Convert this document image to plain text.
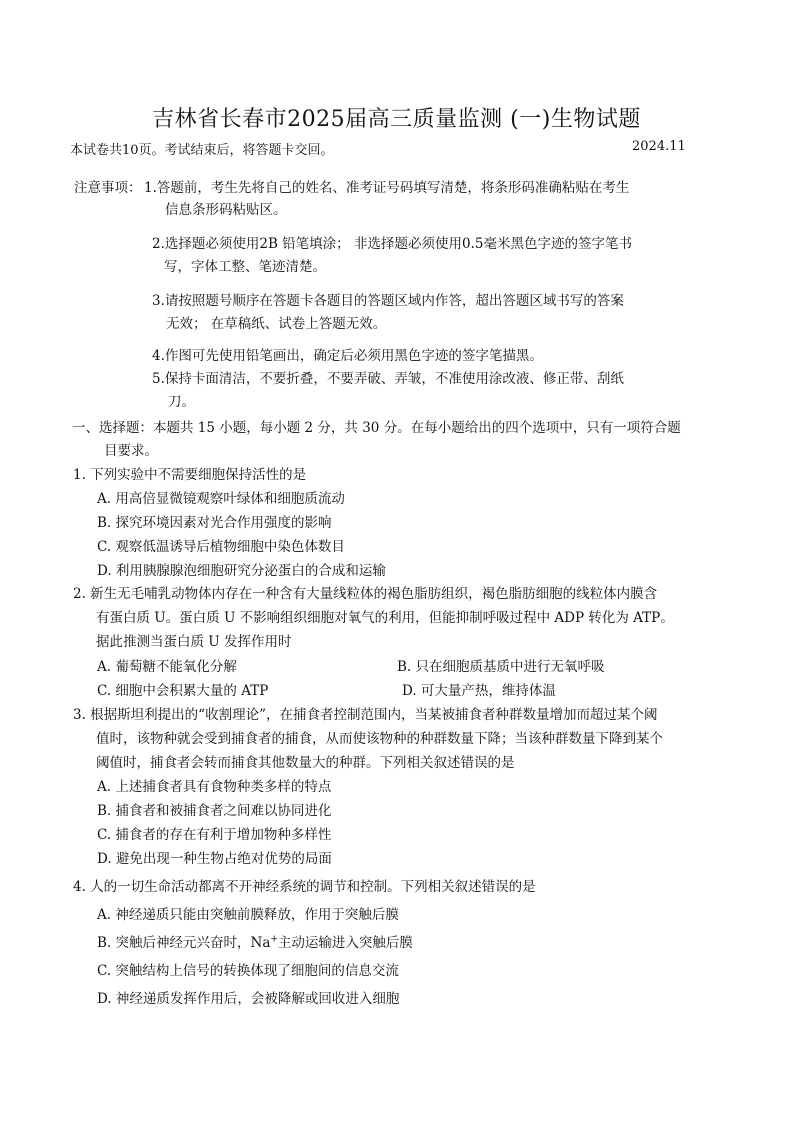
吉林省长春市2025届高三质量监测 (一)生物试题
本试卷共10页。考试结束后，将答题卡交回。	2024.11
注意事项： 1.答题前，考生先将自己的姓名、准考证号码填写清楚，将条形码准确粘贴在考生
信息条形码粘贴区。
2.选择题必须使用2B 铅笔填涂； 非选择题必须使用0.5毫米黑色字迹的签字笔书
写，字体工整、笔迹清楚。
3.请按照题号顺序在答题卡各题目的答题区域内作答，超出答题区域书写的答案
无效； 在草稿纸、试卷上答题无效。
4.作图可先使用铅笔画出，确定后必须用黑色字迹的签字笔描黑。
5.保持卡面清洁，不要折叠，不要弄破、弄皱，不准使用涂改液、修正带、刮纸
刀。
一、选择题：本题共 15 小题，每小题 2 分，共 30 分。在每小题给出的四个选项中，只有一项符合题
目要求。
1. 下列实验中不需要细胞保持活性的是
A. 用高倍显微镜观察叶绿体和细胞质流动
B. 探究环境因素对光合作用强度的影响
C. 观察低温诱导后植物细胞中染色体数目
D. 利用胰腺腺泡细胞研究分泌蛋白的合成和运输
2. 新生无毛哺乳动物体内存在一种含有大量线粒体的褐色脂肪组织，褐色脂肪细胞的线粒体内膜含
有蛋白质 U。蛋白质 U 不影响组织细胞对氧气的利用，但能抑制呼吸过程中 ADP 转化为 ATP。
据此推测当蛋白质 U 发挥作用时
A. 葡萄糖不能氧化分解	B. 只在细胞质基质中进行无氧呼吸
C. 细胞中会积累大量的 ATP	D. 可大量产热，维持体温
3. 根据斯坦利提出的“收割理论”，在捕食者控制范围内，当某被捕食者种群数量增加而超过某个阈
值时，该物种就会受到捕食者的捕食，从而使该物种的种群数量下降；当该种群数量下降到某个
阈值时，捕食者会转而捕食其他数量大的种群。下列相关叙述错误的是
A. 上述捕食者具有食物种类多样的特点
B. 捕食者和被捕食者之间难以协同进化
C. 捕食者的存在有利于增加物种多样性
D. 避免出现一种生物占绝对优势的局面
4. 人的一切生命活动都离不开神经系统的调节和控制。下列相关叙述错误的是
A. 神经递质只能由突触前膜释放，作用于突触后膜
B. 突触后神经元兴奋时，Na+主动运输进入突触后膜
C. 突触结构上信号的转换体现了细胞间的信息交流
D. 神经递质发挥作用后，会被降解或回收进入细胞
